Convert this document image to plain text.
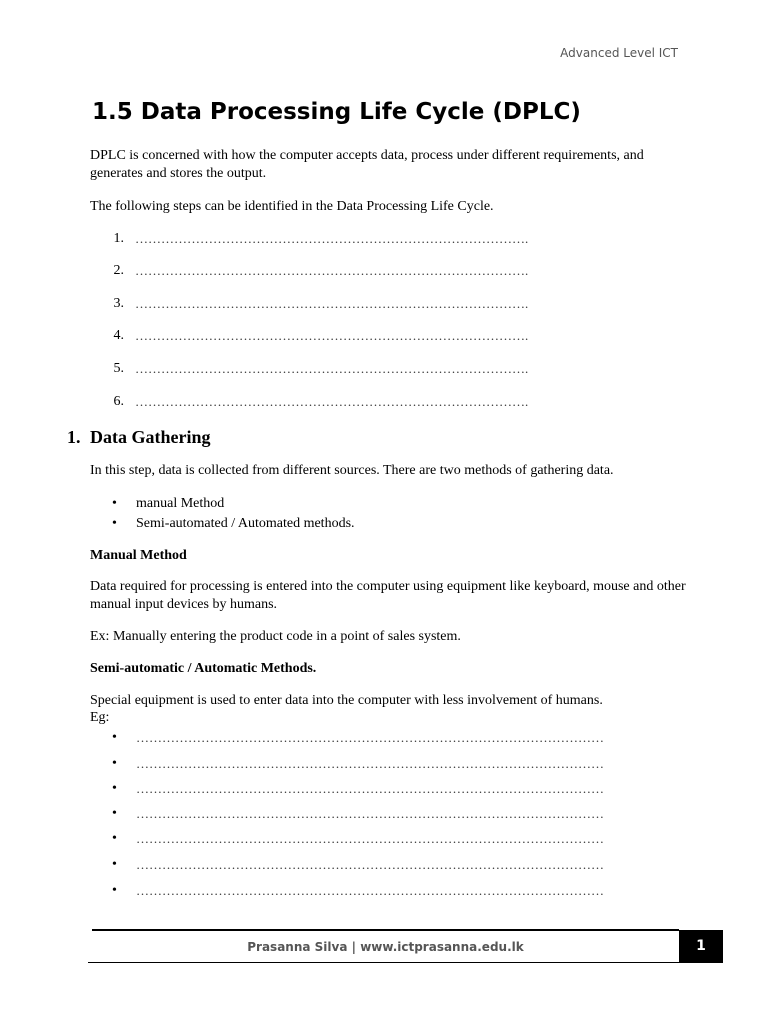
Advanced Level ICT
1.5 Data Processing Life Cycle (DPLC)

DPLC is concerned with how the computer accepts data, process under different requirements, and generates and stores the output.

The following steps can be identified in the Data Processing Life Cycle.

1. ……………………………………………………………………………….
2. ……………………………………………………………………………….
3. ……………………………………………………………………………….
4. ……………………………………………………………………………….
5. ……………………………………………………………………………….
6. ……………………………………………………………………………….
1. Data Gathering

In this step, data is collected from different sources. There are two methods of gathering data.

• manual Method
• Semi-automated / Automated methods.

Manual Method

Data required for processing is entered into the computer using equipment like keyboard, mouse and other manual input devices by humans.

Ex: Manually entering the product code in a point of sales system.

Semi-automatic / Automatic Methods.

Special equipment is used to enter data into the computer with less involvement of humans.

Eg:

• ………………………………………………………………………………………………
• ………………………………………………………………………………………………
• ………………………………………………………………………………………………
• ………………………………………………………………………………………………
• ………………………………………………………………………………………………
• ………………………………………………………………………………………………
• ………………………………………………………………………………………………
Prasanna Silva | www.ictprasanna.edu.lk	1
